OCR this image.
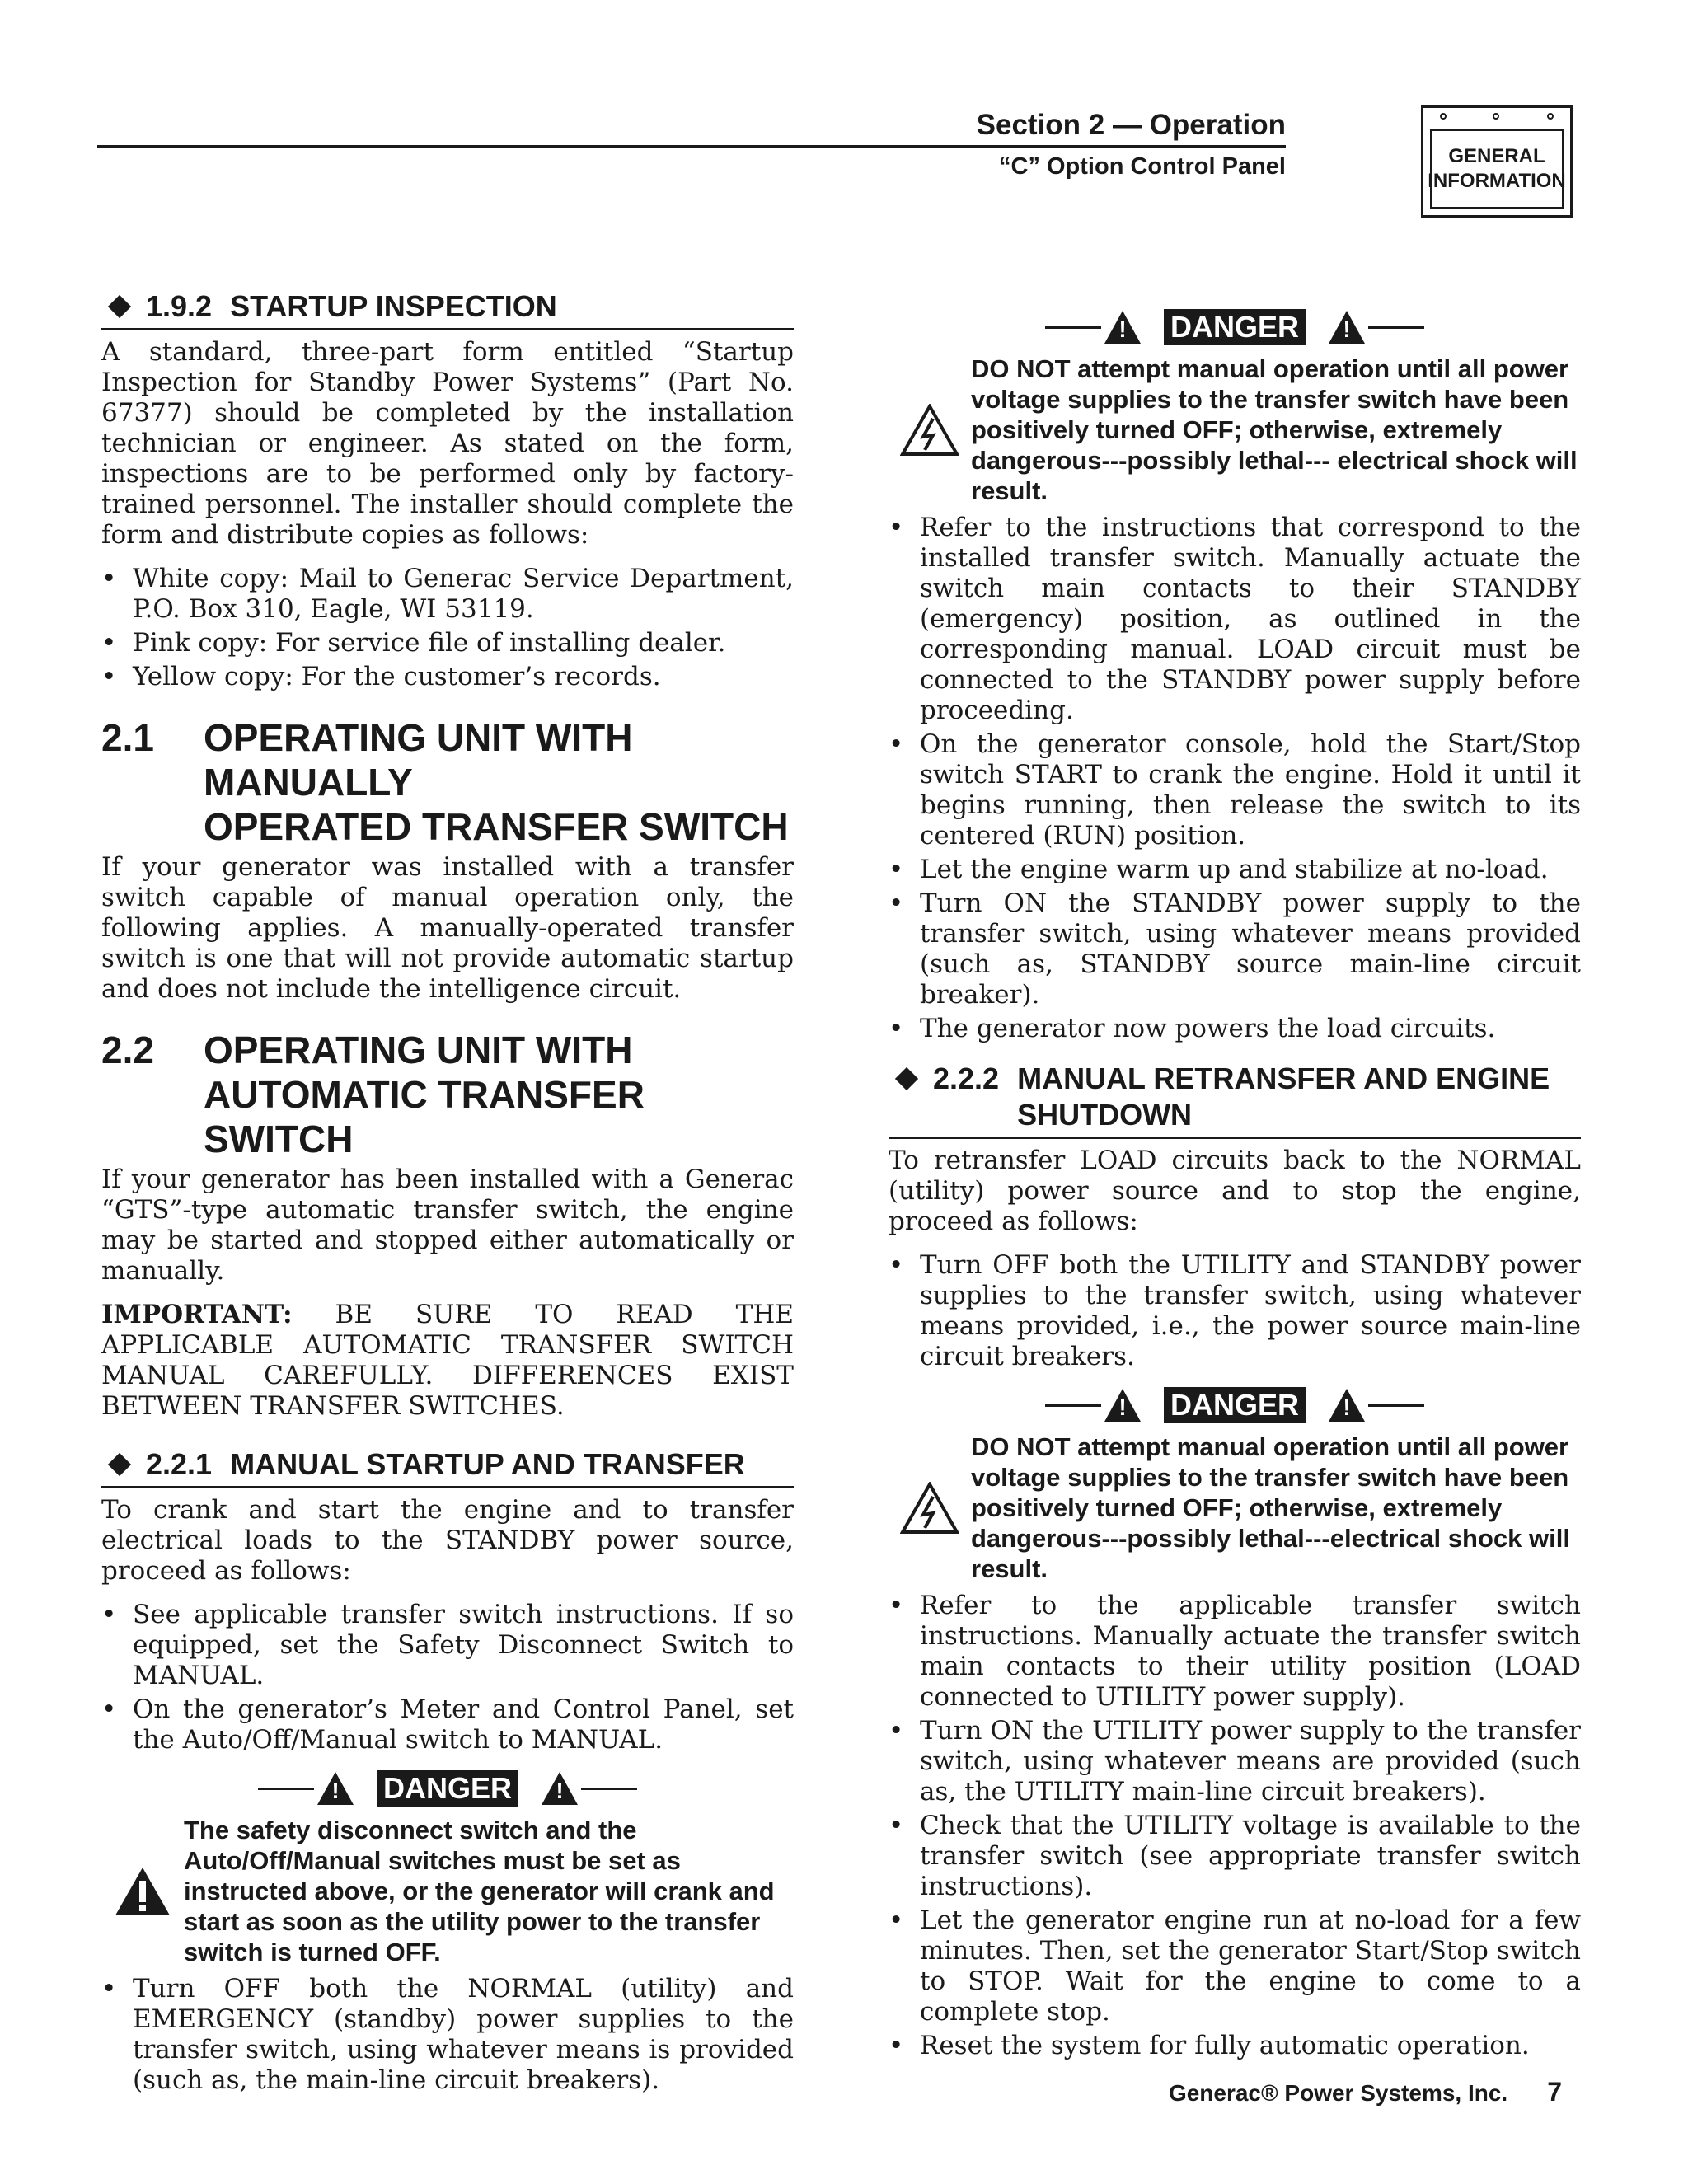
Section 2 — Operation
“C” Option Control Panel	GENERAL
INFORMATION
1.9.2 STARTUP INSPECTION

A standard, three-part form entitled “Startup Inspection for Standby Power Systems” (Part No. 67377) should be completed by the installation technician or engineer. As stated on the form, inspections are to be performed only by factory-trained personnel. The installer should complete the form and distribute copies as follows:

• White copy: Mail to Generac Service Department, P.O. Box 310, Eagle, WI 53119.
• Pink copy: For service file of installing dealer.
• Yellow copy: For the customer’s records.
2.1	OPERATING UNIT WITH MANUALLY
OPERATED TRANSFER SWITCH

If your generator was installed with a transfer switch capable of manual operation only, the following applies. A manually-operated transfer switch is one that will not provide automatic startup and does not include the intelligence circuit.

2.2	OPERATING UNIT WITH
AUTOMATIC TRANSFER SWITCH

If your generator has been installed with a Generac “GTS”-type automatic transfer switch, the engine may be started and stopped either automatically or manually.

IMPORTANT: BE SURE TO READ THE APPLICABLE AUTOMATIC TRANSFER SWITCH MANUAL CAREFULLY. DIFFERENCES EXIST BETWEEN TRANSFER SWITCHES.

2.2.1 MANUAL STARTUP AND TRANSFER

To crank and start the engine and to transfer electrical loads to the STANDBY power source, proceed as follows:

• See applicable transfer switch instructions. If so equipped, set the Safety Disconnect Switch to MANUAL.
• On the generator’s Meter and Control Panel, set the Auto/Off/Manual switch to MANUAL.
! DANGER !
The safety disconnect switch and the Auto/Off/Manual switches must be set as instructed above, or the generator will crank and start as soon as the utility power to the transfer switch is turned OFF.
• Turn OFF both the NORMAL (utility) and EMERGENCY (standby) power supplies to the transfer switch, using whatever means is provided (such as, the main-line circuit breakers).
! DANGER !
DO NOT attempt manual operation until all power voltage supplies to the transfer switch have been positively turned OFF; otherwise, extremely dangerous---possibly lethal--- electrical shock will result.
• Refer to the instructions that correspond to the installed transfer switch. Manually actuate the switch main contacts to their STANDBY (emergency) position, as outlined in the corresponding manual. LOAD circuit must be connected to the STANDBY power supply before proceeding.
• On the generator console, hold the Start/Stop switch START to crank the engine. Hold it until it begins running, then release the switch to its centered (RUN) position.
• Let the engine warm up and stabilize at no-load.
• Turn ON the STANDBY power supply to the transfer switch, using whatever means provided (such as, STANDBY source main-line circuit breaker).
• The generator now powers the load circuits.
2.2.2 MANUAL RETRANSFER AND ENGINE SHUTDOWN

To retransfer LOAD circuits back to the NORMAL (utility) power source and to stop the engine, proceed as follows:

• Turn OFF both the UTILITY and STANDBY power supplies to the transfer switch, using whatever means provided, i.e., the power source main-line circuit breakers.
! DANGER !
DO NOT attempt manual operation until all power voltage supplies to the transfer switch have been positively turned OFF; otherwise, extremely dangerous---possibly lethal---electrical shock will result.
• Refer to the applicable transfer switch instructions. Manually actuate the transfer switch main contacts to their utility position (LOAD connected to UTILITY power supply).
• Turn ON the UTILITY power supply to the transfer switch, using whatever means are provided (such as, the UTILITY main-line circuit breakers).
• Check that the UTILITY voltage is available to the transfer switch (see appropriate transfer switch instructions).
• Let the generator engine run at no-load for a few minutes. Then, set the generator Start/Stop switch to STOP. Wait for the engine to come to a complete stop.
• Reset the system for fully automatic operation.
Generac® Power Systems, Inc. 7
